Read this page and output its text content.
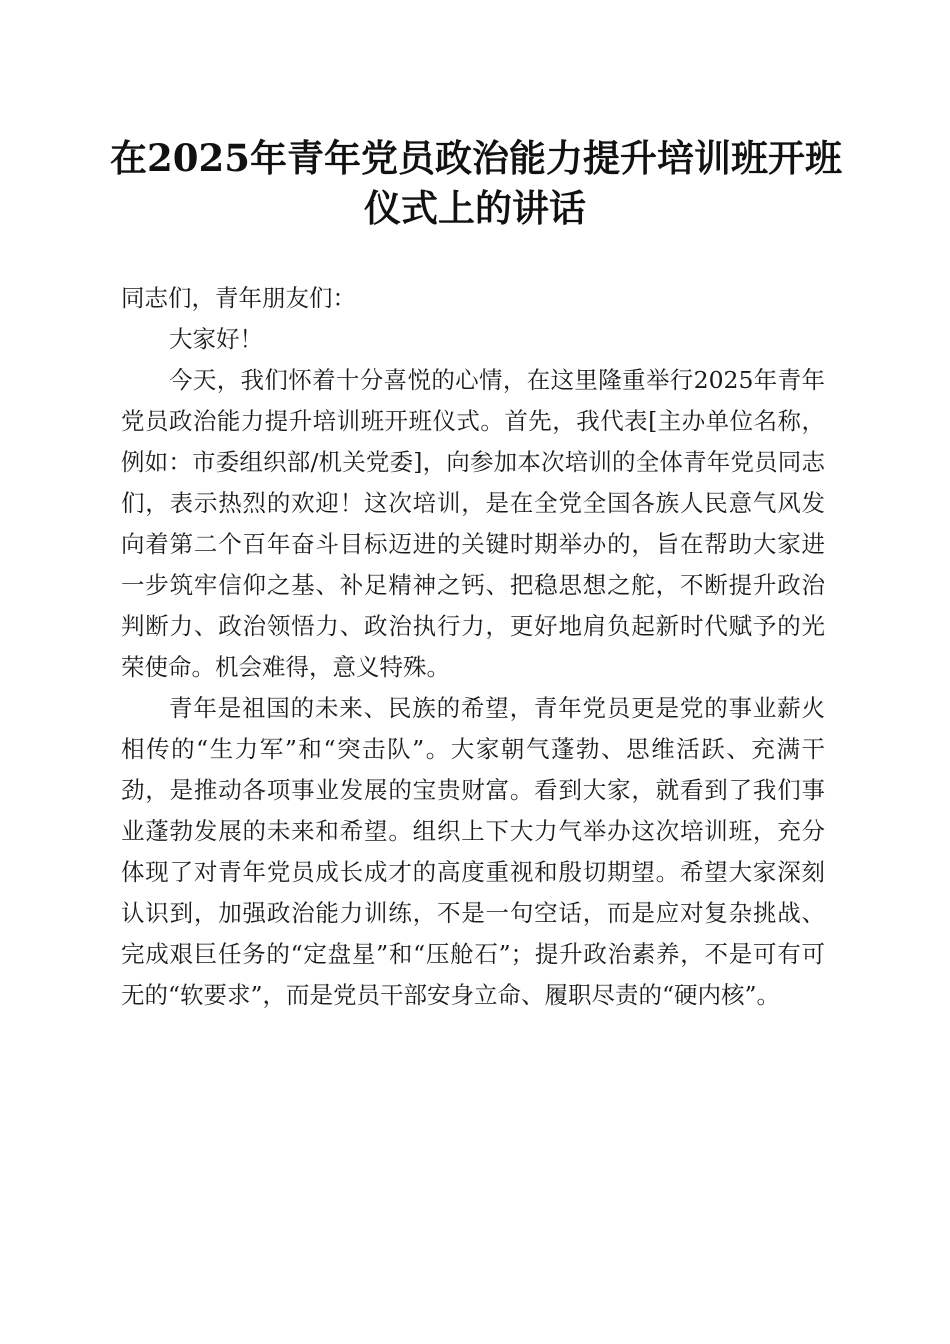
在2025年青年党员政治能力提升培训班开班
仪式上的讲话

同志们，青年朋友们：

大家好！

今天，我们怀着十分喜悦的心情，在这里隆重举行2025年青年党员政治能力提升培训班开班仪式。首先，我代表[主办单位名称，例如：市委组织部/机关党委]，向参加本次培训的全体青年党员同志们，表示热烈的欢迎！这次培训，是在全党全国各族人民意气风发向着第二个百年奋斗目标迈进的关键时期举办的，旨在帮助大家进一步筑牢信仰之基、补足精神之钙、把稳思想之舵，不断提升政治判断力、政治领悟力、政治执行力，更好地肩负起新时代赋予的光荣使命。机会难得，意义特殊。

青年是祖国的未来、民族的希望，青年党员更是党的事业薪火相传的“生力军”和“突击队”。大家朝气蓬勃、思维活跃、充满干劲，是推动各项事业发展的宝贵财富。看到大家，就看到了我们事业蓬勃发展的未来和希望。组织上下大力气举办这次培训班，充分体现了对青年党员成长成才的高度重视和殷切期望。希望大家深刻认识到，加强政治能力训练，不是一句空话，而是应对复杂挑战、完成艰巨任务的“定盘星”和“压舱石”；提升政治素养，不是可有可无的“软要求”，而是党员干部安身立命、履职尽责的“硬内核”。
